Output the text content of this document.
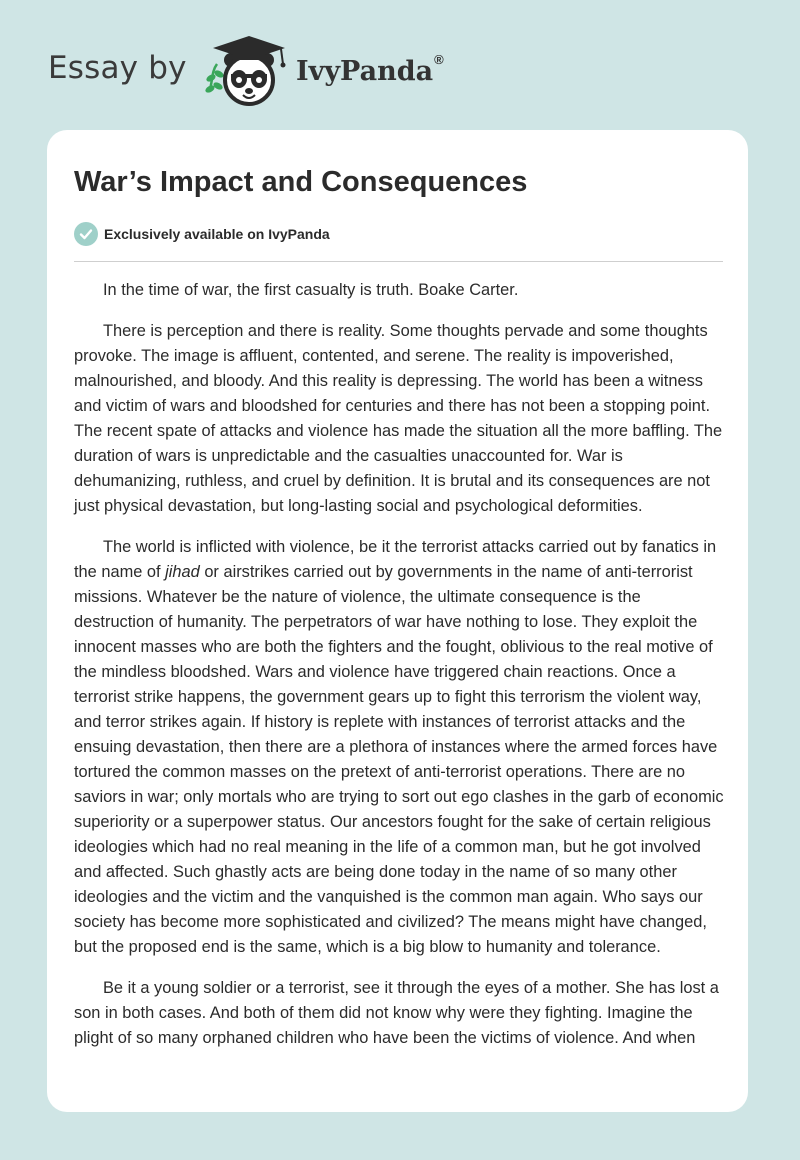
Essay by	IvyPanda®
War’s Impact and Consequences
Exclusively available on IvyPanda

In the time of war, the first casualty is truth. Boake Carter.

There is perception and there is reality. Some thoughts pervade and some thoughts provoke. The image is affluent, contented, and serene. The reality is impoverished, malnourished, and bloody. And this reality is depressing. The world has been a witness and victim of wars and bloodshed for centuries and there has not been a stopping point. The recent spate of attacks and violence has made the situation all the more baffling. The duration of wars is unpredictable and the casualties unaccounted for. War is dehumanizing, ruthless, and cruel by definition. It is brutal and its consequences are not just physical devastation, but long-lasting social and psychological deformities.

The world is inflicted with violence, be it the terrorist attacks carried out by fanatics in the name of jihad or airstrikes carried out by governments in the name of anti-terrorist missions. Whatever be the nature of violence, the ultimate consequence is the destruction of humanity. The perpetrators of war have nothing to lose. They exploit the innocent masses who are both the fighters and the fought, oblivious to the real motive of the mindless bloodshed. Wars and violence have triggered chain reactions. Once a terrorist strike happens, the government gears up to fight this terrorism the violent way, and terror strikes again. If history is replete with instances of terrorist attacks and the ensuing devastation, then there are a plethora of instances where the armed forces have tortured the common masses on the pretext of anti-terrorist operations. There are no saviors in war; only mortals who are trying to sort out ego clashes in the garb of economic superiority or a superpower status. Our ancestors fought for the sake of certain religious ideologies which had no real meaning in the life of a common man, but he got involved and affected. Such ghastly acts are being done today in the name of so many other ideologies and the victim and the vanquished is the common man again. Who says our society has become more sophisticated and civilized? The means might have changed, but the proposed end is the same, which is a big blow to humanity and tolerance.

Be it a young soldier or a terrorist, see it through the eyes of a mother. She has lost a son in both cases. And both of them did not know why were they fighting. Imagine the plight of so many orphaned children who have been the victims of violence. And when
